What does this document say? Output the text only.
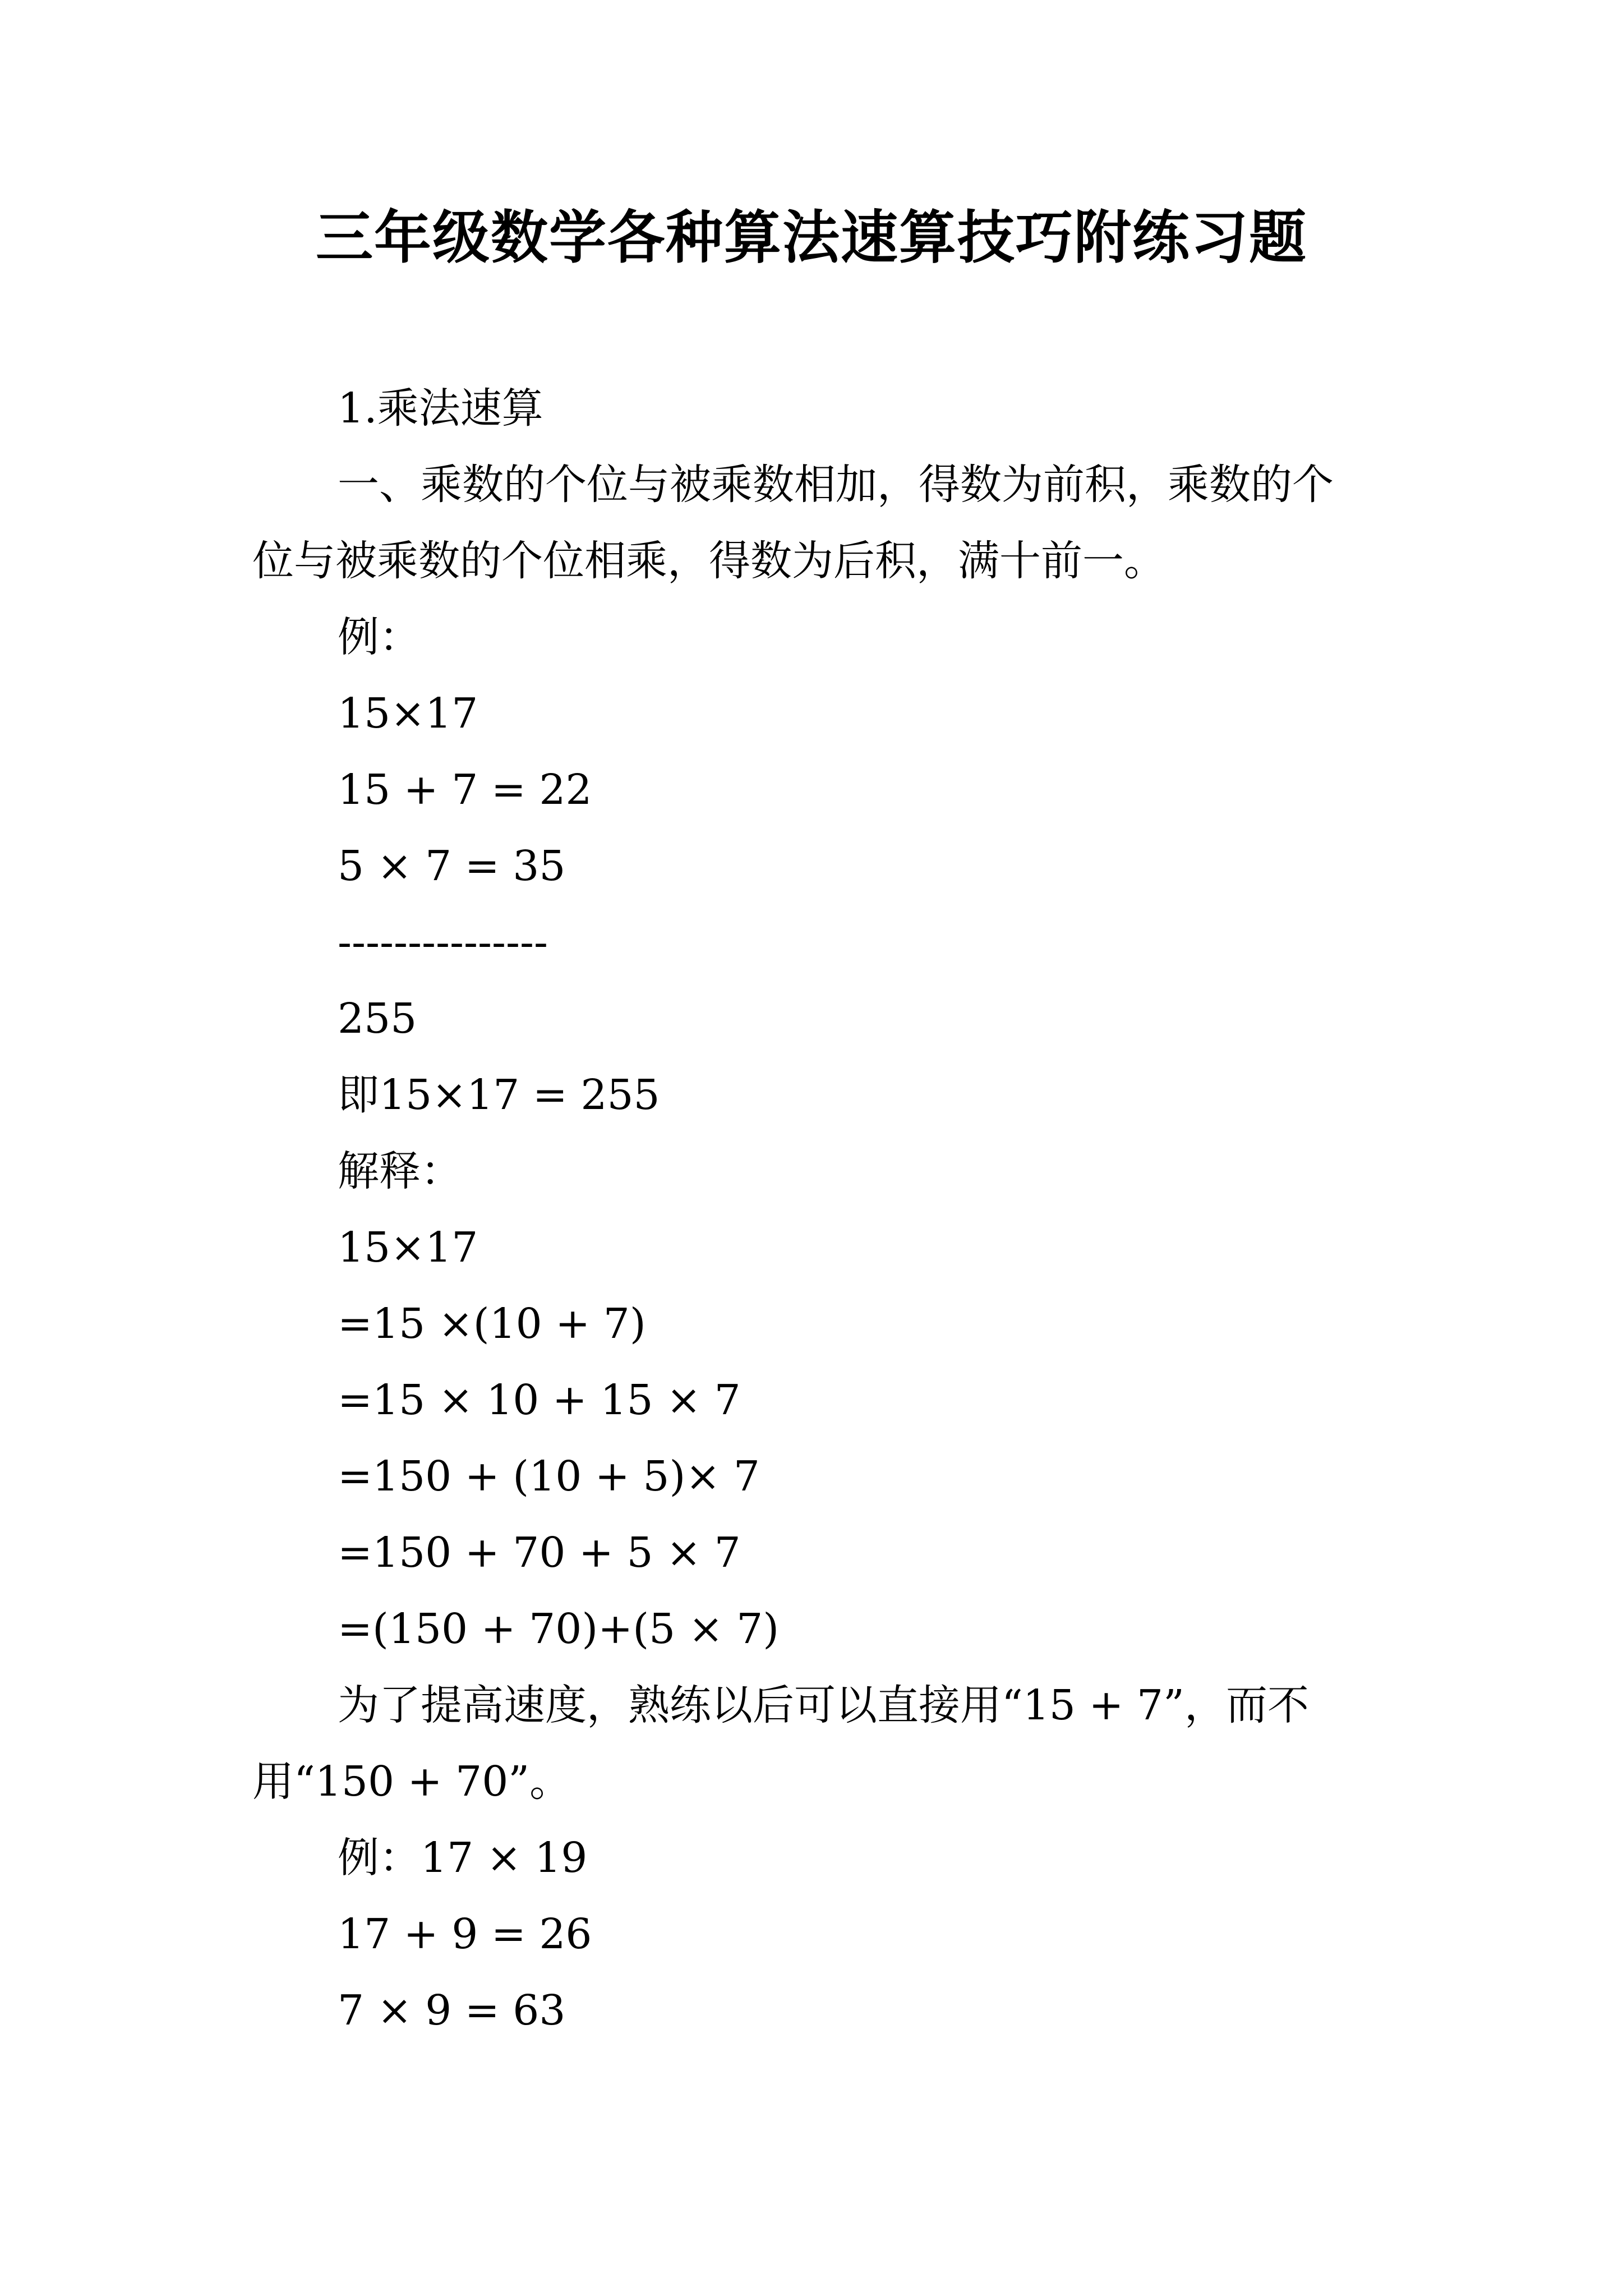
三年级数学各种算法速算技巧附练习题

1.乘法速算

一、乘数的个位与被乘数相加，得数为前积，乘数的个

位与被乘数的个位相乘，得数为后积，满十前一。

例：

15×17

15 + 7 = 22

5 × 7 = 35

---------------

255

即15×17 = 255

解释：

15×17

=15 ×(10 + 7)

=15 × 10 + 15 × 7

=150 + (10 + 5)× 7

=150 + 70 + 5 × 7

=(150 + 70)+(5 × 7)

为了提高速度，熟练以后可以直接用“15 + 7”，而不

用“150 + 70”。

例：17 × 19

17 + 9 = 26

7 × 9 = 63
